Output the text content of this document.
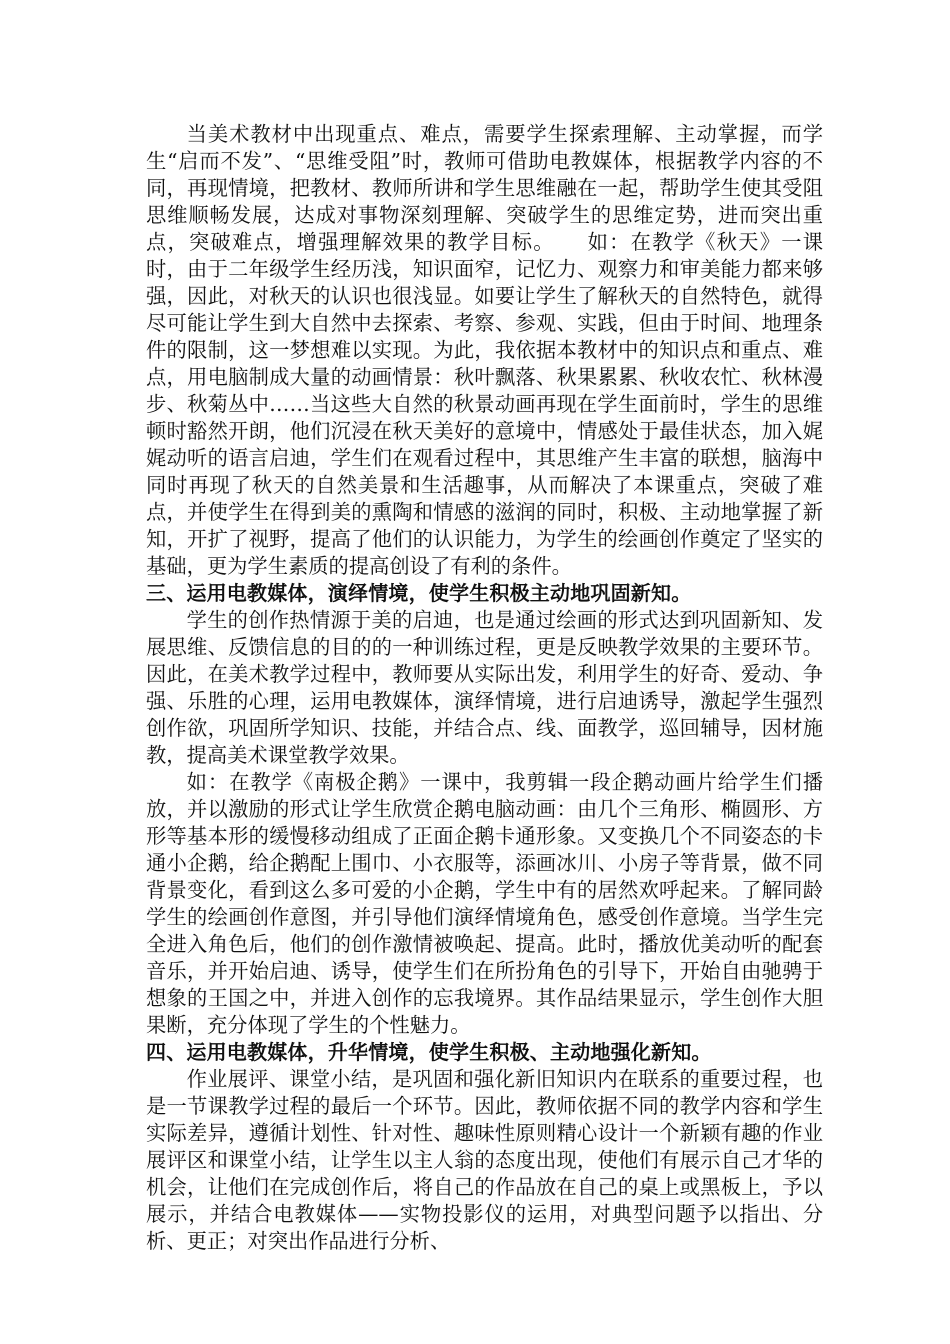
当美术教材中出现重点、难点，需要学生探索理解、主动掌握，而学生“启而不发”、“思维受阻”时，教师可借助电教媒体，根据教学内容的不同，再现情境，把教材、教师所讲和学生思维融在一起，帮助学生使其受阻思维顺畅发展，达成对事物深刻理解、突破学生的思维定势，进而突出重点，突破难点，增强理解效果的教学目标。　　如：在教学《秋天》一课时，由于二年级学生经历浅，知识面窄，记忆力、观察力和审美能力都来够强，因此，对秋天的认识也很浅显。如要让学生了解秋天的自然特色，就得尽可能让学生到大自然中去探索、考察、参观、实践，但由于时间、地理条件的限制，这一梦想难以实现。为此，我依据本教材中的知识点和重点、难点，用电脑制成大量的动画情景：秋叶飘落、秋果累累、秋收农忙、秋林漫步、秋菊丛中……当这些大自然的秋景动画再现在学生面前时，学生的思维顿时豁然开朗，他们沉浸在秋天美好的意境中，情感处于最佳状态，加入娓娓动听的语言启迪，学生们在观看过程中，其思维产生丰富的联想，脑海中同时再现了秋天的自然美景和生活趣事，从而解决了本课重点，突破了难点，并使学生在得到美的熏陶和情感的滋润的同时，积极、主动地掌握了新知，开扩了视野，提高了他们的认识能力，为学生的绘画创作奠定了坚实的基础，更为学生素质的提高创设了有利的条件。

三、运用电教媒体，演绎情境，使学生积极主动地巩固新知。

学生的创作热情源于美的启迪，也是通过绘画的形式达到巩固新知、发展思维、反馈信息的目的的一种训练过程，更是反映教学效果的主要环节。因此，在美术教学过程中，教师要从实际出发，利用学生的好奇、爱动、争强、乐胜的心理，运用电教媒体，演绎情境，进行启迪诱导，激起学生强烈创作欲，巩固所学知识、技能，并结合点、线、面教学，巡回辅导，因材施教，提高美术课堂教学效果。

如：在教学《南极企鹅》一课中，我剪辑一段企鹅动画片给学生们播放，并以激励的形式让学生欣赏企鹅电脑动画：由几个三角形、椭圆形、方形等基本形的缓慢移动组成了正面企鹅卡通形象。又变换几个不同姿态的卡通小企鹅，给企鹅配上围巾、小衣服等，添画冰川、小房子等背景，做不同背景变化，看到这么多可爱的小企鹅，学生中有的居然欢呼起来。了解同龄学生的绘画创作意图，并引导他们演绎情境角色，感受创作意境。当学生完全进入角色后，他们的创作激情被唤起、提高。此时，播放优美动听的配套音乐，并开始启迪、诱导，使学生们在所扮角色的引导下，开始自由驰骋于想象的王国之中，并进入创作的忘我境界。其作品结果显示，学生创作大胆果断，充分体现了学生的个性魅力。

四、运用电教媒体，升华情境，使学生积极、主动地强化新知。

作业展评、课堂小结，是巩固和强化新旧知识内在联系的重要过程，也是一节课教学过程的最后一个环节。因此，教师依据不同的教学内容和学生实际差异，遵循计划性、针对性、趣味性原则精心设计一个新颖有趣的作业展评区和课堂小结，让学生以主人翁的态度出现，使他们有展示自己才华的机会，让他们在完成创作后，将自己的作品放在自己的桌上或黑板上，予以展示，并结合电教媒体——实物投影仪的运用，对典型问题予以指出、分析、更正；对突出作品进行分析、
